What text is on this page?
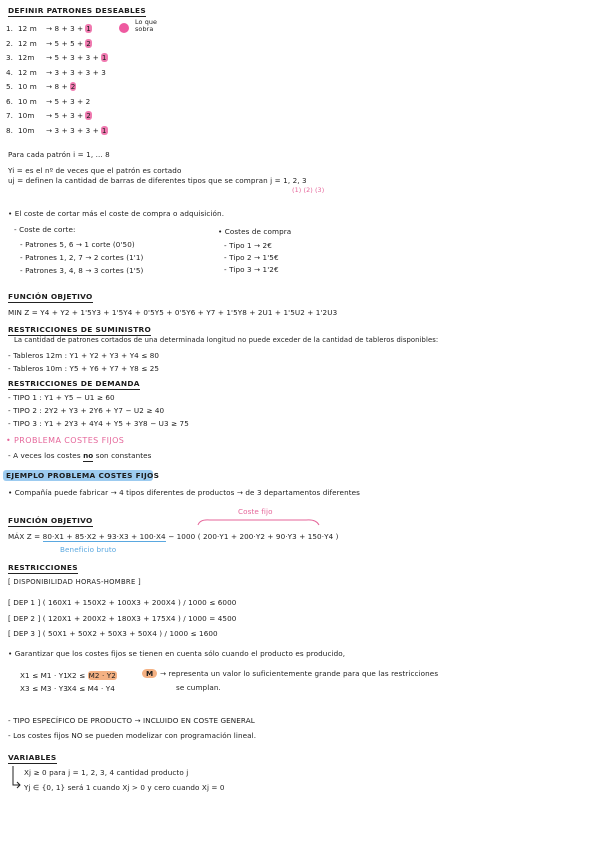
DEFINIR PATRONES DESEABLES
1. 12 m → 8 + 3 + 1
2. 12 m → 5 + 5 + 2
3. 12m → 5 + 3 + 3 + 1
4. 12 m → 3 + 3 + 3 + 3
5. 10 m → 8 + 2
6. 10 m → 5 + 3 + 2
7. 10m → 5 + 3 + 2
8. 10m → 3 + 3 + 3 + 1
Lo que sobra
Para cada patrón i = 1, ... 8
Yi = es el nº de veces que el patrón es cortado
uj = definen la cantidad de barras de diferentes tipos que se compran j = 1, 2, 3
(1) (2) (3)
• El coste de cortar más el coste de compra o adquisición.
- Coste de corte:
- Patrones 5, 6 → 1 corte (0'50)
- Patrones 1, 2, 7 → 2 cortes (1'1)
- Patrones 3, 4, 8 → 3 cortes (1'5)
• Costes de compra
- Tipo 1 → 2€
- Tipo 2 → 1'5€
- Tipo 3 → 1'2€
FUNCIÓN OBJETIVO
MIN Z = Y4 + Y2 + 1'5Y3 + 1'5Y4 + 0'5Y5 + 0'5Y6 + Y7 + 1'5Y8 + 2U1 + 1'5U2 + 1'2U3
RESTRICCIONES DE SUMINISTRO
La cantidad de patrones cortados de una determinada longitud no puede exceder de la cantidad de tableros disponibles:
- Tableros 12m : Y1 + Y2 + Y3 + Y4 ≤ 80
- Tableros 10m : Y5 + Y6 + Y7 + Y8 ≤ 25
RESTRICCIONES DE DEMANDA
- TIPO 1 : Y1 + Y5 − U1 ≥ 60
- TIPO 2 : 2Y2 + Y3 + 2Y6 + Y7 − U2 ≥ 40
- TIPO 3 : Y1 + 2Y3 + 4Y4 + Y5 + 3Y8 − U3 ≥ 75
• PROBLEMA COSTES FIJOS
- A veces los costes no son constantes
EJEMPLO PROBLEMA COSTES FIJOS
• Compañía puede fabricar → 4 tipos diferentes de productos → de 3 departamentos diferentes
Coste fijo
FUNCIÓN OBJETIVO
MÁX Z = 80·X1 + 85·X2 + 93·X3 + 100·X4 − 1000 ( 200·Y1 + 200·Y2 + 90·Y3 + 150·Y4 )
Beneficio bruto
RESTRICCIONES
[ DISPONIBILIDAD HORAS-HOMBRE ]
[ DEP 1 ] ( 160X1 + 150X2 + 100X3 + 200X4 ) / 1000 ≤ 6000
[ DEP 2 ] ( 120X1 + 200X2 + 180X3 + 175X4 ) / 1000 = 4500
[ DEP 3 ] ( 50X1 + 50X2 + 50X3 + 50X4 ) / 1000 ≤ 1600
• Garantizar que los costes fijos se tienen en cuenta sólo cuando el producto es producido,
X1 ≤ M1 · Y1 X2 ≤ M2 · Y2
X3 ≤ M3 · Y3 X4 ≤ M4 · Y4
M → representa un valor lo suficientemente grande para que las restricciones
se cumplan.
- TIPO ESPECÍFICO DE PRODUCTO → INCLUIDO EN COSTE GENERAL
- Los costes fijos NO se pueden modelizar con programación lineal.
VARIABLES
Xj ≥ 0 para j = 1, 2, 3, 4 cantidad producto j
Yj ∈ {0, 1} será 1 cuando Xj > 0 y cero cuando Xj = 0
